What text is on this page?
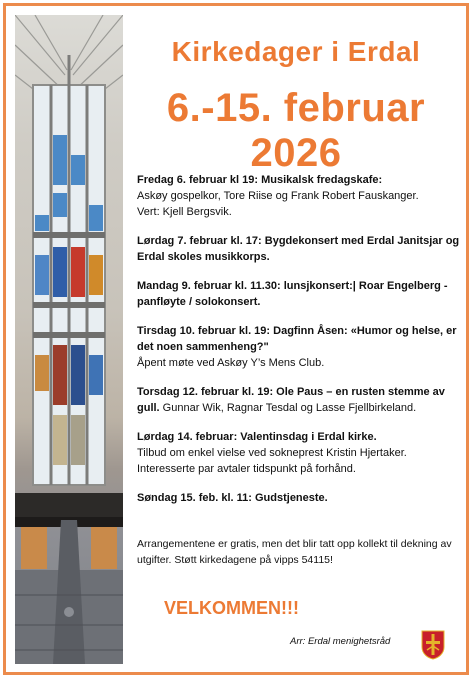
Kirkedager i Erdal
6.-15. februar 2026
Fredag 6. februar kl 19: Musikalsk fredagskafe:
Askøy gospelkor, Tore Riise og Frank Robert Fauskanger.
Vert: Kjell Bergsvik.
Lørdag 7. februar kl. 17: Bygdekonsert med Erdal Janitsjar og Erdal skoles musikkorps.
Mandag 9. februar kl. 11.30: lunsjkonsert:| Roar Engelberg - panfløyte / solokonsert.
Tirsdag 10. februar kl. 19: Dagfinn Åsen: «Humor og helse, er det noen sammenheng?"
Åpent møte ved Askøy Y’s Mens Club.
Torsdag 12. februar kl. 19: Ole Paus – en rusten stemme av gull. Gunnar Wik, Ragnar Tesdal og Lasse Fjellbirkeland.
Lørdag 14. februar: Valentinsdag i Erdal kirke.
Tilbud om enkel vielse ved sokneprest Kristin Hjertaker.
Interesserte par avtaler tidspunkt på forhånd.
Søndag 15. feb. kl. 11: Gudstjeneste.
Arrangementene er gratis, men det blir tatt opp kollekt til dekning av utgifter. Støtt kirkedagene på vipps 54115!
VELKOMMEN!!!
Arr: Erdal menighetsråd
